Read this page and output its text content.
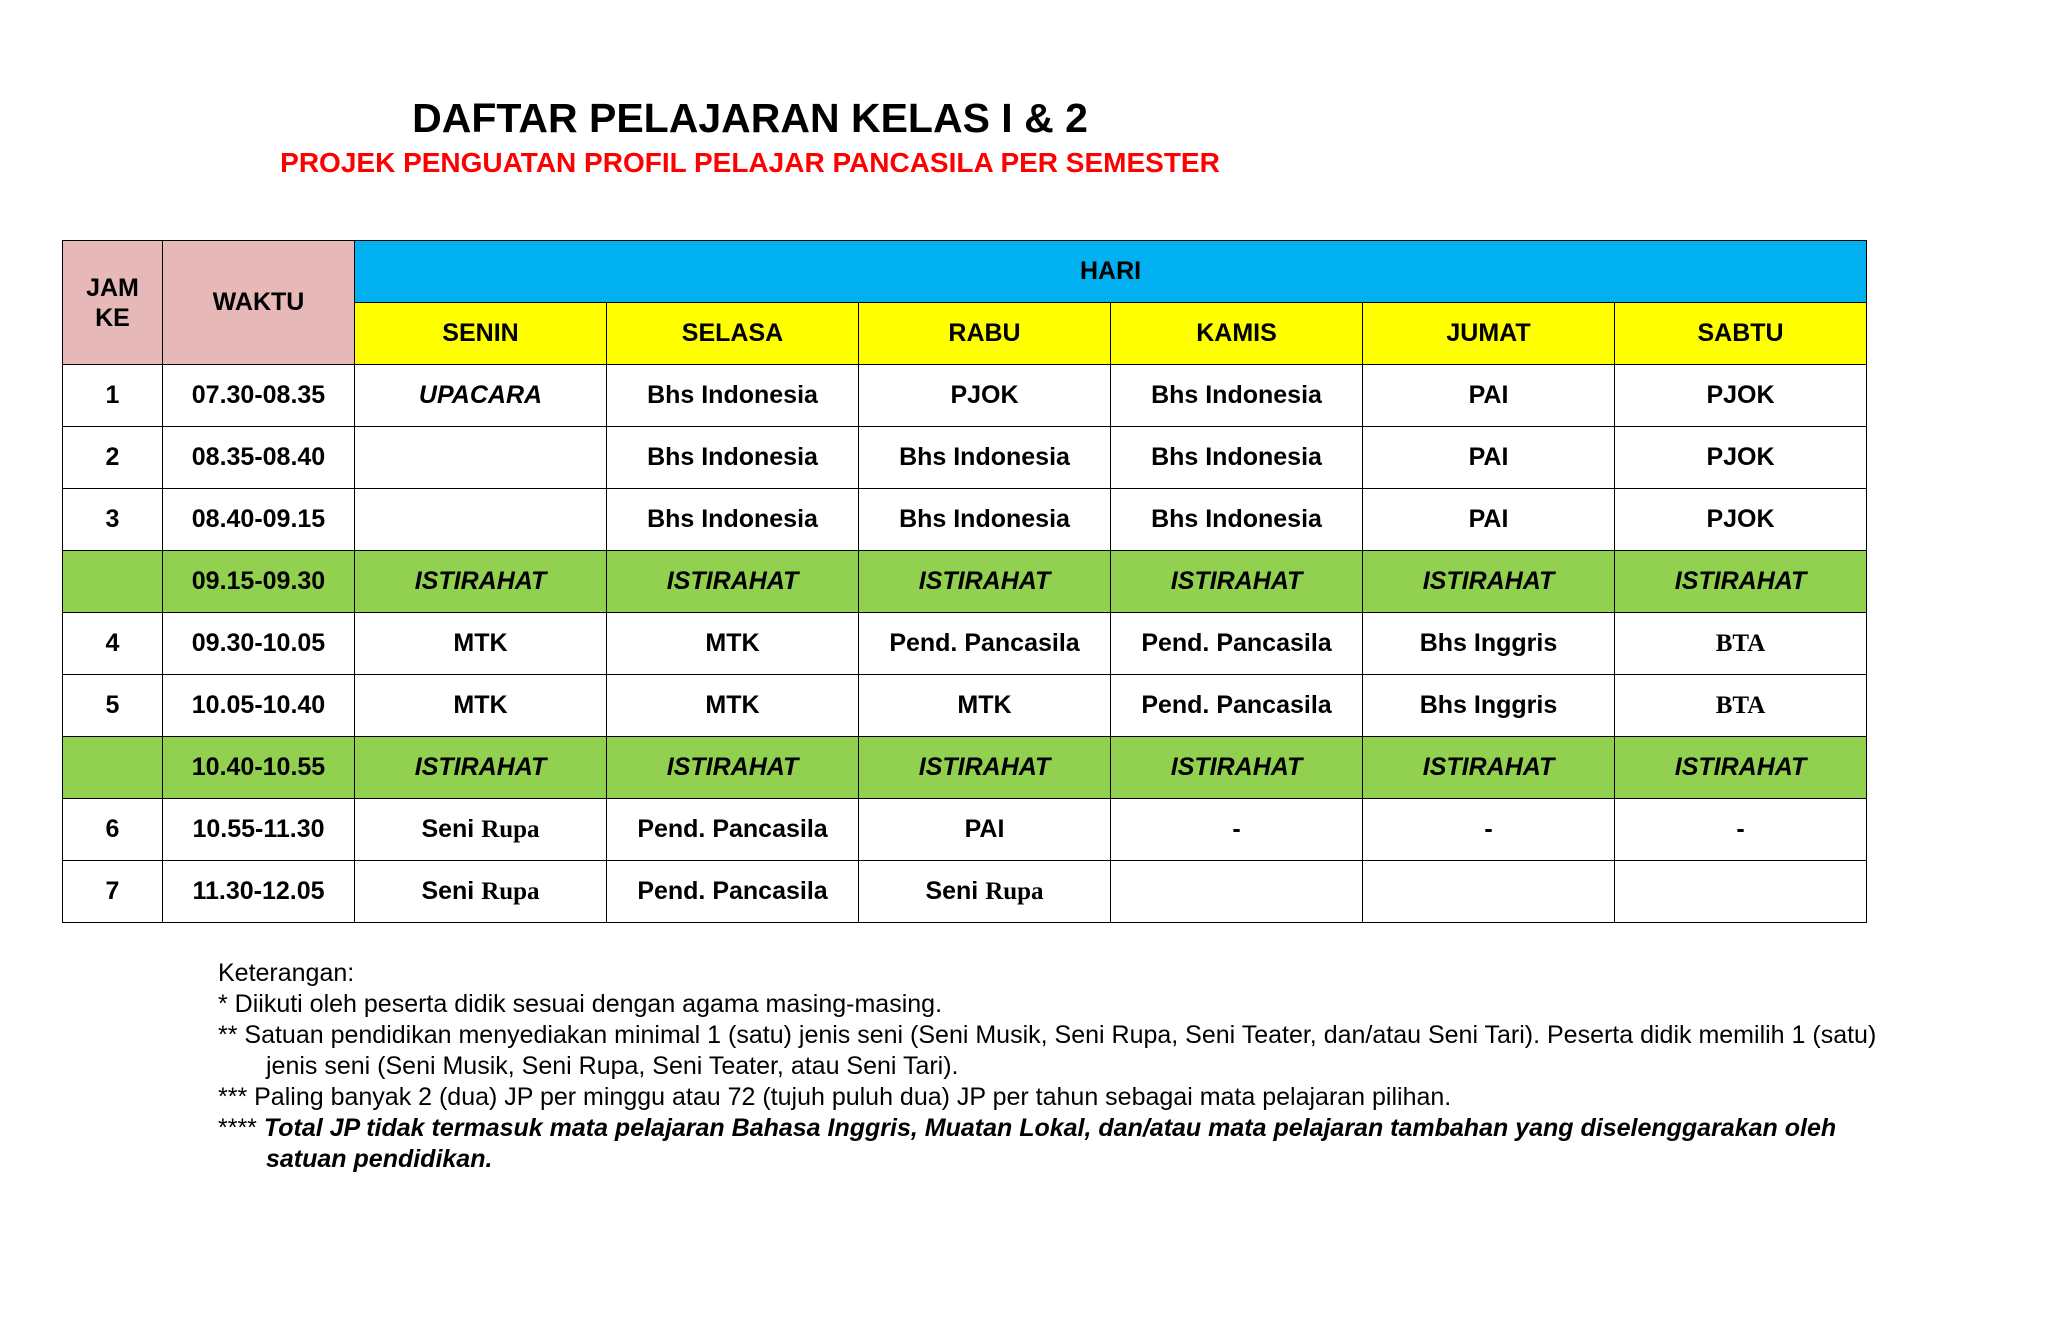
DAFTAR PELAJARAN KELAS I & 2
PROJEK PENGUATAN PROFIL PELAJAR PANCASILA PER SEMESTER
JAM KE	WAKTU	HARI					
		SENIN	SELASA	RABU	KAMIS	JUMAT	SABTU
1	07.30-08.35	UPACARA	Bhs Indonesia	PJOK	Bhs Indonesia	PAI	PJOK
2	08.35-08.40		Bhs Indonesia	Bhs Indonesia	Bhs Indonesia	PAI	PJOK
3	08.40-09.15		Bhs Indonesia	Bhs Indonesia	Bhs Indonesia	PAI	PJOK
	09.15-09.30	ISTIRAHAT	ISTIRAHAT	ISTIRAHAT	ISTIRAHAT	ISTIRAHAT	ISTIRAHAT
4	09.30-10.05	MTK	MTK	Pend. Pancasila	Pend. Pancasila	Bhs Inggris	BTA
5	10.05-10.40	MTK	MTK	MTK	Pend. Pancasila	Bhs Inggris	BTA
	10.40-10.55	ISTIRAHAT	ISTIRAHAT	ISTIRAHAT	ISTIRAHAT	ISTIRAHAT	ISTIRAHAT
6	10.55-11.30	Seni Rupa	Pend. Pancasila	PAI	-	-	-
7	11.30-12.05	Seni Rupa	Pend. Pancasila	Seni Rupa			
Keterangan:
* Diikuti oleh peserta didik sesuai dengan agama masing-masing.
** Satuan pendidikan menyediakan minimal 1 (satu) jenis seni (Seni Musik, Seni Rupa, Seni Teater, dan/atau Seni Tari). Peserta didik memilih 1 (satu)
jenis seni (Seni Musik, Seni Rupa, Seni Teater, atau Seni Tari).
*** Paling banyak 2 (dua) JP per minggu atau 72 (tujuh puluh dua) JP per tahun sebagai mata pelajaran pilihan.
**** Total JP tidak termasuk mata pelajaran Bahasa Inggris, Muatan Lokal, dan/atau mata pelajaran tambahan yang diselenggarakan oleh
satuan pendidikan.
